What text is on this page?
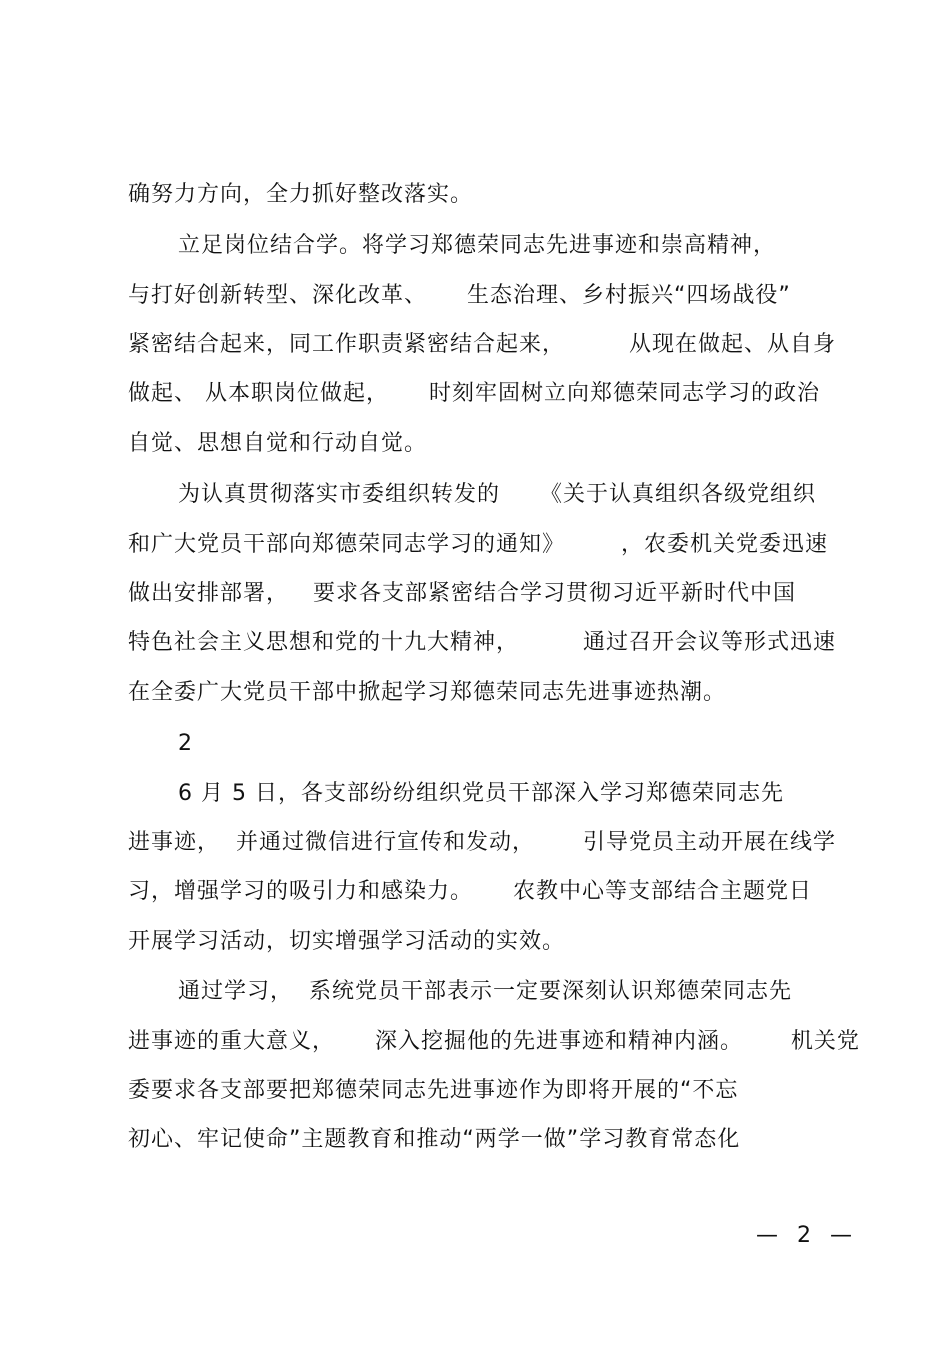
确努力方向，全力抓好整改落实。
立足岗位结合学。将学习郑德荣同志先进事迹和崇高精神，
与打好创新转型、深化改革、     生态治理、乡村振兴“四场战役”
紧密结合起来，同工作职责紧密结合起来，        从现在做起、从自身
做起、 从本职岗位做起，     时刻牢固树立向郑德荣同志学习的政治
自觉、思想自觉和行动自觉。
为认真贯彻落实市委组织转发的     《关于认真组织各级党组织
和广大党员干部向郑德荣同志学习的通知》       ，农委机关党委迅速
做出安排部署，   要求各支部紧密结合学习贯彻习近平新时代中国
特色社会主义思想和党的十九大精神，        通过召开会议等形式迅速
在全委广大党员干部中掀起学习郑德荣同志先进事迹热潮。
2
6 月 5 日，各支部纷纷组织党员干部深入学习郑德荣同志先
进事迹，  并通过微信进行宣传和发动，      引导党员主动开展在线学
习，增强学习的吸引力和感染力。     农教中心等支部结合主题党日
开展学习活动，切实增强学习活动的实效。
通过学习，  系统党员干部表示一定要深刻认识郑德荣同志先
进事迹的重大意义，     深入挖掘他的先进事迹和精神内涵。      机关党
委要求各支部要把郑德荣同志先进事迹作为即将开展的“不忘
初心、牢记使命”主题教育和推动“两学一做”学习教育常态化
— 2 —
